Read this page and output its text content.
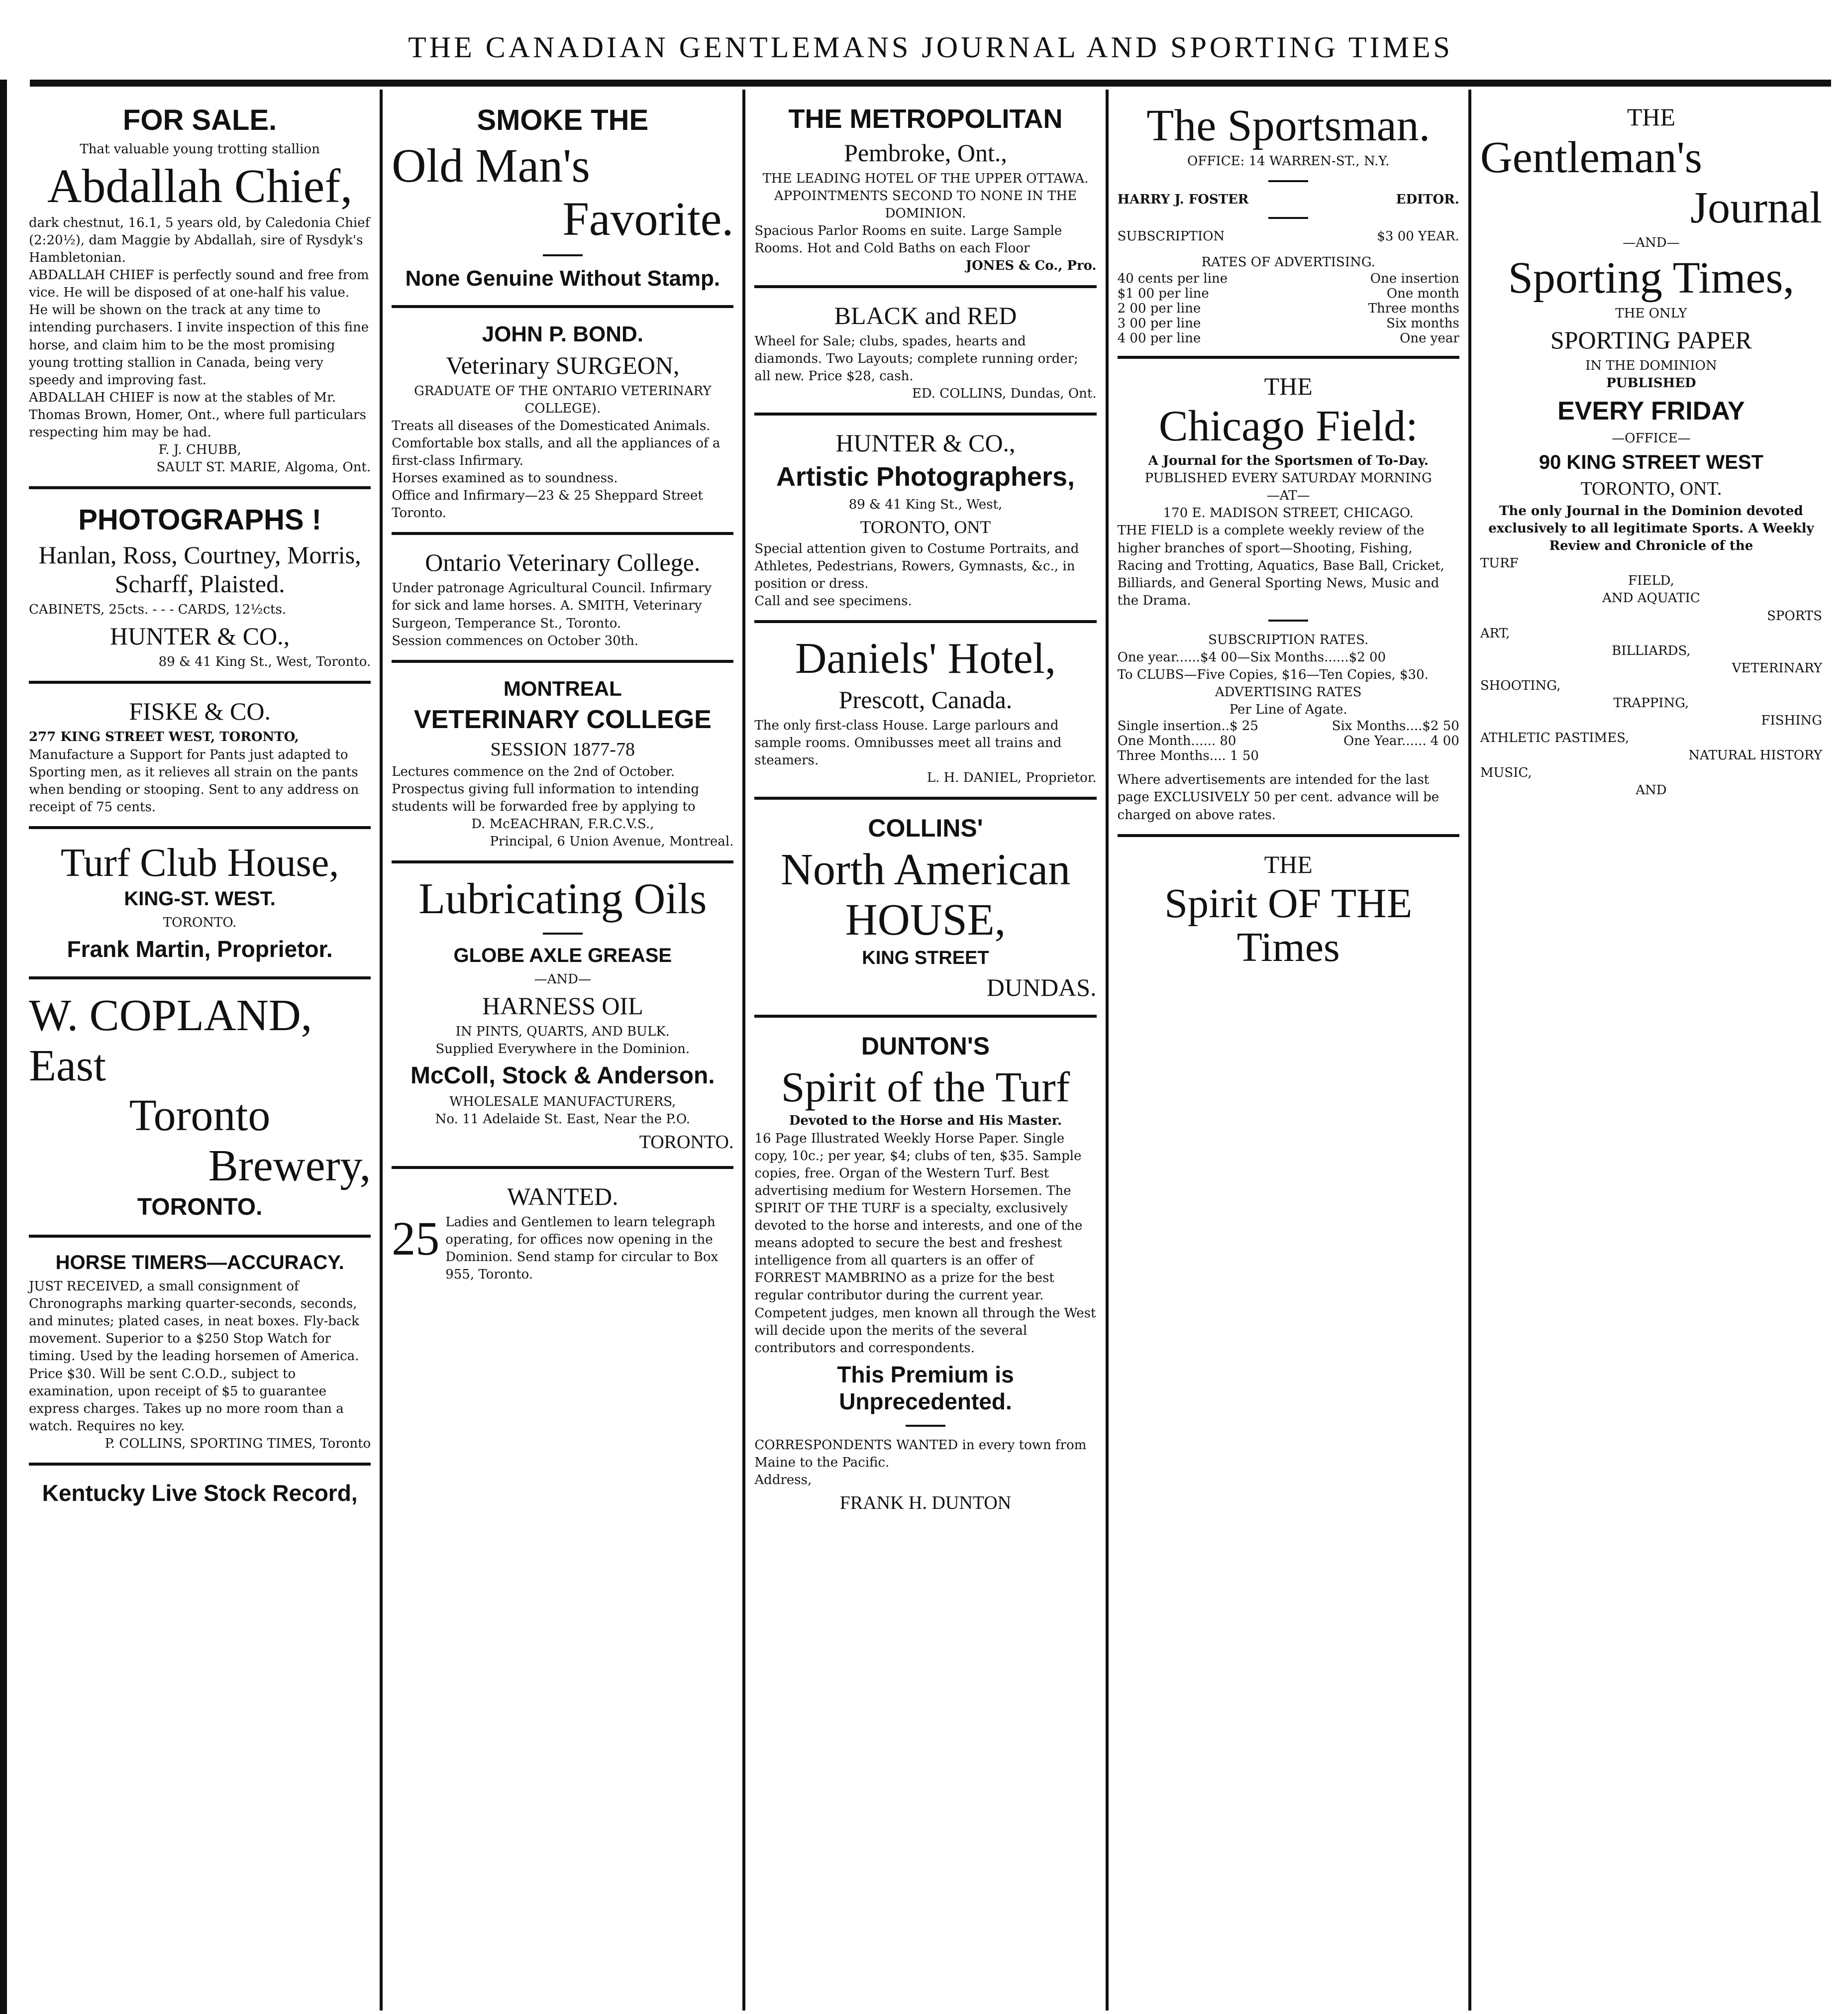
THE CANADIAN GENTLEMANS JOURNAL AND SPORTING TIMES
FOR SALE.
That valuable young trotting stallion
Abdallah Chief,
dark chestnut, 16.1, 5 years old, by Caledonia Chief (2:20½), dam Maggie by Abdallah, sire of Rysdyk's Hambletonian.
ABDALLAH CHIEF is perfectly sound and free from vice. He will be disposed of at one-half his value. He will be shown on the track at any time to intending purchasers. I invite inspection of this fine horse, and claim him to be the most promising young trotting stallion in Canada, being very speedy and improving fast.
ABDALLAH CHIEF is now at the stables of Mr. Thomas Brown, Homer, Ont., where full particulars respecting him may be had.
F. J. CHUBB,
SAULT ST. MARIE, Algoma, Ont.
PHOTOGRAPHS !
Hanlan, Ross, Courtney, Morris, Scharff, Plaisted.
CABINETS, 25cts. - - - CARDS, 12½cts.
HUNTER & CO.,
89 & 41 King St., West, Toronto.
FISKE & CO.
277 KING STREET WEST, TORONTO,
Manufacture a Support for Pants just adapted to Sporting men, as it relieves all strain on the pants when bending or stooping. Sent to any address on receipt of 75 cents.
Turf Club House,
KING-ST. WEST.
TORONTO.
Frank Martin, Proprietor.
W. COPLAND,
East
Toronto
Brewery,
TORONTO.
HORSE TIMERS—ACCURACY.
JUST RECEIVED, a small consignment of Chronographs marking quarter-seconds, seconds, and minutes; plated cases, in neat boxes. Fly-back movement. Superior to a $250 Stop Watch for timing. Used by the leading horsemen of America. Price $30. Will be sent C.O.D., subject to examination, upon receipt of $5 to guarantee express charges. Takes up no more room than a watch. Requires no key.
P. COLLINS, SPORTING TIMES, Toronto
Kentucky Live Stock Record,
SMOKE THE
Old Man's
Favorite.
None Genuine Without Stamp.
JOHN P. BOND.
Veterinary SURGEON,
GRADUATE OF THE ONTARIO VETERINARY COLLEGE).
Treats all diseases of the Domesticated Animals. Comfortable box stalls, and all the appliances of a first-class Infirmary.
Horses examined as to soundness.
Office and Infirmary—23 & 25 Sheppard Street Toronto.
Ontario Veterinary College.
Under patronage Agricultural Council. Infirmary for sick and lame horses. A. SMITH, Veterinary Surgeon, Temperance St., Toronto.
Session commences on October 30th.
MONTREAL
VETERINARY COLLEGE
SESSION 1877-78
Lectures commence on the 2nd of October. Prospectus giving full information to intending students will be forwarded free by applying to
D. McEACHRAN, F.R.C.V.S.,
Principal, 6 Union Avenue, Montreal.
Lubricating Oils
GLOBE AXLE GREASE
—AND—
HARNESS OIL
IN PINTS, QUARTS, AND BULK.
Supplied Everywhere in the Dominion.
McColl, Stock & Anderson.
WHOLESALE MANUFACTURERS,
No. 11 Adelaide St. East, Near the P.O.
TORONTO.
WANTED.
25 Ladies and Gentlemen to learn telegraph operating, for offices now opening in the Dominion. Send stamp for circular to Box 955, Toronto.
THE METROPOLITAN
Pembroke, Ont.,
THE LEADING HOTEL OF THE UPPER OTTAWA. APPOINTMENTS SECOND TO NONE IN THE DOMINION.
Spacious Parlor Rooms en suite. Large Sample Rooms. Hot and Cold Baths on each Floor
JONES & Co., Pro.
BLACK and RED
Wheel for Sale; clubs, spades, hearts and diamonds. Two Layouts; complete running order; all new. Price $28, cash.
ED. COLLINS, Dundas, Ont.
HUNTER & CO.,
Artistic Photographers,
89 & 41 King St., West,
TORONTO, ONT
Special attention given to Costume Portraits, and Athletes, Pedestrians, Rowers, Gymnasts, &c., in position or dress.
Call and see specimens.
Daniels' Hotel,
Prescott, Canada.
The only first-class House. Large parlours and sample rooms. Omnibusses meet all trains and steamers.
L. H. DANIEL, Proprietor.
COLLINS'
North American
HOUSE,
KING STREET
DUNDAS.
DUNTON'S
Spirit of the Turf
Devoted to the Horse and His Master.
16 Page Illustrated Weekly Horse Paper. Single copy, 10c.; per year, $4; clubs of ten, $35. Sample copies, free. Organ of the Western Turf. Best advertising medium for Western Horsemen. The SPIRIT OF THE TURF is a specialty, exclusively devoted to the horse and interests, and one of the means adopted to secure the best and freshest intelligence from all quarters is an offer of FORREST MAMBRINO as a prize for the best regular contributor during the current year. Competent judges, men known all through the West will decide upon the merits of the several contributors and correspondents.
This Premium is Unprecedented.
CORRESPONDENTS WANTED in every town from Maine to the Pacific.
Address,
FRANK H. DUNTON
The Sportsman.
OFFICE: 14 WARREN-ST., N.Y.
HARRY J. FOSTER	EDITOR.
SUBSCRIPTION	$3 00 YEAR.
RATES OF ADVERTISING.
40 cents per line	One insertion
$1 00 per line	One month
2 00 per line	Three months
3 00 per line	Six months
4 00 per line	One year
THE
Chicago Field:
A Journal for the Sportsmen of To-Day.
PUBLISHED EVERY SATURDAY MORNING
—AT—
170 E. MADISON STREET, CHICAGO.
THE FIELD is a complete weekly review of the higher branches of sport—Shooting, Fishing, Racing and Trotting, Aquatics, Base Ball, Cricket, Billiards, and General Sporting News, Music and the Drama.
SUBSCRIPTION RATES.
One year......$4 00—Six Months......$2 00
To CLUBS—Five Copies, $16—Ten Copies, $30.
ADVERTISING RATES
Per Line of Agate.
Single insertion..$ 25	Six Months....$2 50
One Month...... 80	One Year...... 4 00
Three Months.... 1 50
Where advertisements are intended for the last page EXCLUSIVELY 50 per cent. advance will be charged on above rates.
THE
Spirit OF THE Times
THE
Gentleman's
Journal
—AND—
Sporting Times,
THE ONLY
SPORTING PAPER
IN THE DOMINION
PUBLISHED
EVERY FRIDAY
—OFFICE—
90 KING STREET WEST
TORONTO, ONT.
The only Journal in the Dominion devoted exclusively to all legitimate Sports. A Weekly Review and Chronicle of the
TURF
FIELD,
AND AQUATIC
SPORTS
ART,
BILLIARDS,
VETERINARY
SHOOTING,
TRAPPING,
FISHING
ATHLETIC PASTIMES,
NATURAL HISTORY
MUSIC,
AND
